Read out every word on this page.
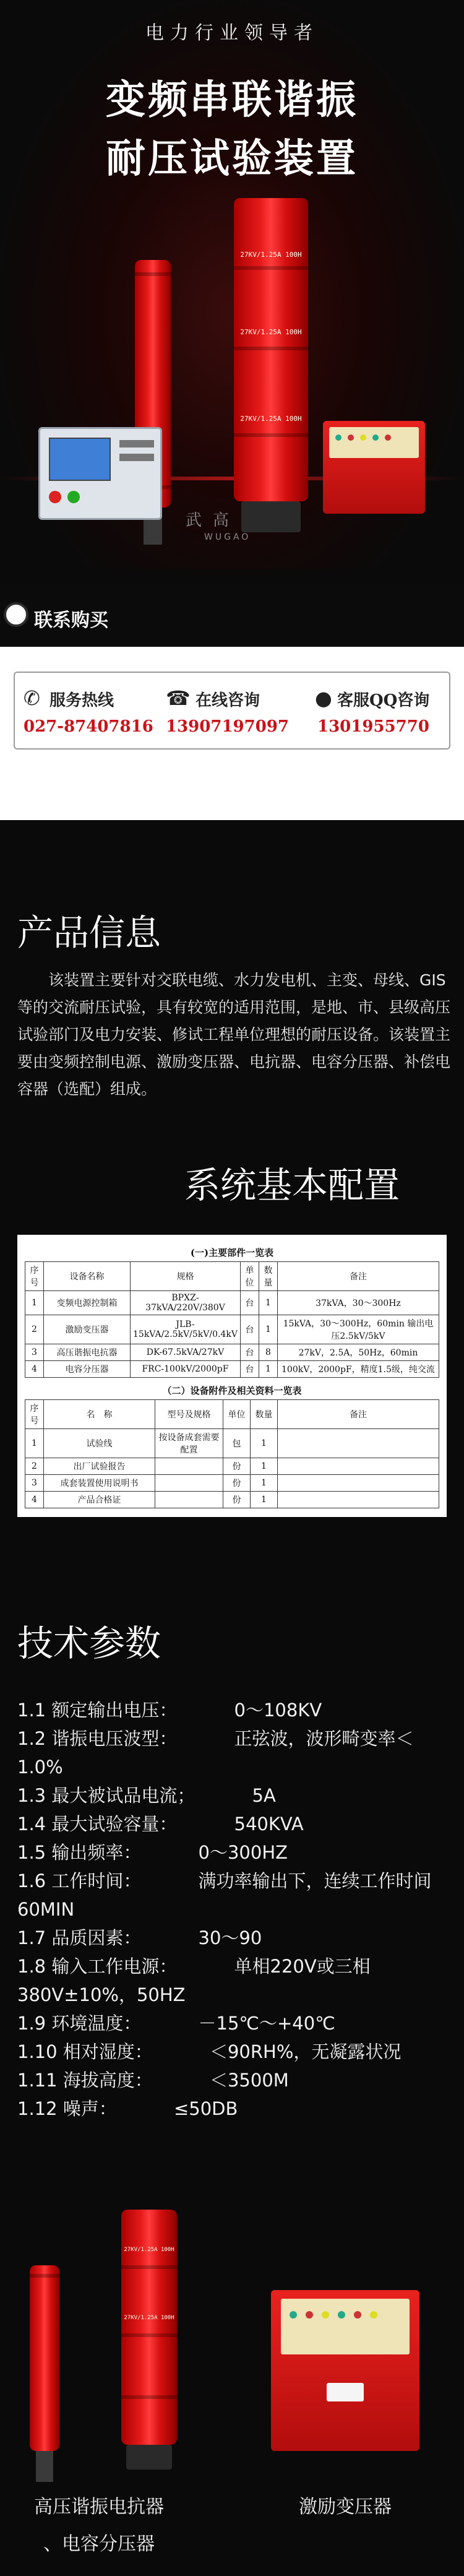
电力行业领导者
变频串联谐振
耐压试验装置
27KV/1.25A 100H
27KV/1.25A 100H
27KV/1.25A 100H
武高
WUGAO
联系购买
✆ 服务热线
027-87407816
☎ 在线咨询
13907197097
● 客服QQ咨询
1301955770
产品信息
该装置主要针对交联电缆、水力发电机、主变、母线、GIS等的交流耐压试验，具有较宽的适用范围，是地、市、县级高压试验部门及电力安装、修试工程单位理想的耐压设备。该装置主要由变频控制电源、激励变压器、电抗器、电容分压器、补偿电容器（选配）组成。
系统基本配置
(一)主要部件一览表
序号	设备名称	规格	单位	数量	备注
1	变频电源控制箱	BPXZ-37kVA/220V/380V	台	1	37kVA，30～300Hz
2	激励变压器	JLB-15kVA/2.5kV/5kV/0.4kV	台	1	15kVA，30～300Hz，60min 输出电压2.5kV/5kV
3	高压谐振电抗器	DK-67.5kVA/27kV	台	8	27kV，2.5A，50Hz，60min
4	电容分压器	FRC-100kV/2000pF	台	1	100kV，2000pF，精度1.5级，纯交流
（二）设备附件及相关资料一览表
序号	名　称	型号及规格	单位	数量	备注
1	试验线	按设备成套需要配置	包	1	
2	出厂试验报告		份	1	
3	成套装置使用说明书		份	1	
4	产品合格证		份	1	
技术参数
1.1 额定输出电压：          0～108KV
1.2 谐振电压波型：          正弦波，波形畸变率＜1.0%
1.3 最大被试品电流；          5A
1.4 最大试验容量：          540KVA
1.5 输出频率：          0～300HZ
1.6 工作时间：          满功率输出下，连续工作时间60MIN
1.7 品质因素：          30～90
1.8 输入工作电源：          单相220V或三相380V±10%，50HZ
1.9 环境温度：          －15℃～+40℃
1.10 相对湿度：          ＜90RH%，无凝露状况
1.11 海拔高度：          ＜3500M
1.12 噪声：          ≤50DB
27KV/1.25A 100H
27KV/1.25A 100H
高压谐振电抗器
、电容分压器
激励变压器
